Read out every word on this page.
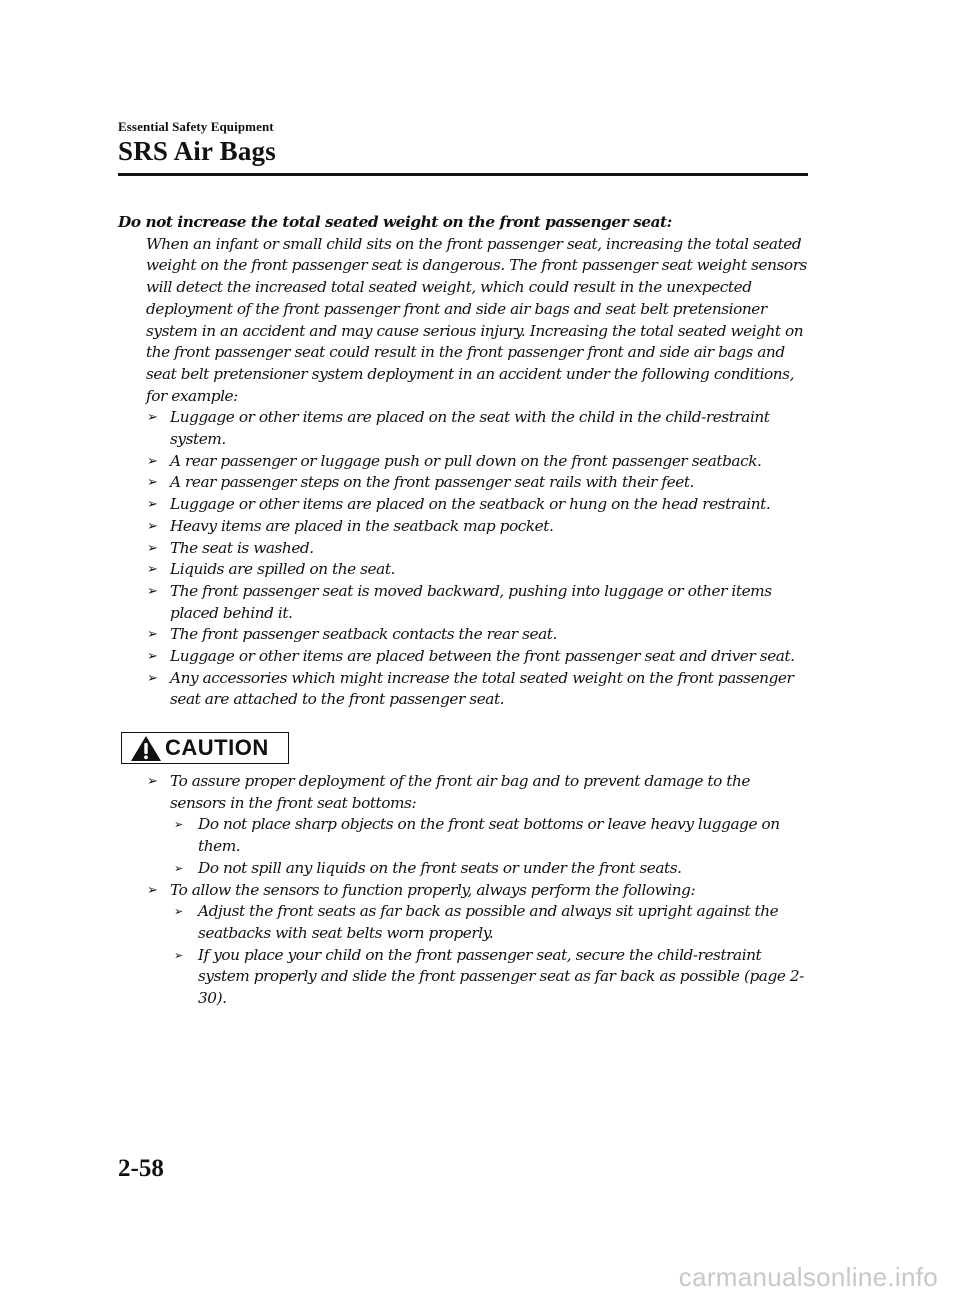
Essential Safety Equipment
SRS Air Bags

Do not increase the total seated weight on the front passenger seat:

When an infant or small child sits on the front passenger seat, increasing the total seated weight on the front passenger seat is dangerous. The front passenger seat weight sensors will detect the increased total seated weight, which could result in the unexpected deployment of the front passenger front and side air bags and seat belt pretensioner system in an accident and may cause serious injury. Increasing the total seated weight on the front passenger seat could result in the front passenger front and side air bags and seat belt pretensioner system deployment in an accident under the following conditions, for example:

➢ Luggage or other items are placed on the seat with the child in the child-restraint system.
➢ A rear passenger or luggage push or pull down on the front passenger seatback.
➢ A rear passenger steps on the front passenger seat rails with their feet.
➢ Luggage or other items are placed on the seatback or hung on the head restraint.
➢ Heavy items are placed in the seatback map pocket.
➢ The seat is washed.
➢ Liquids are spilled on the seat.
➢ The front passenger seat is moved backward, pushing into luggage or other items placed behind it.
➢ The front passenger seatback contacts the rear seat.
➢ Luggage or other items are placed between the front passenger seat and driver seat.
➢ Any accessories which might increase the total seated weight on the front passenger seat are attached to the front passenger seat.
CAUTION
➢ To assure proper deployment of the front air bag and to prevent damage to the sensors in the front seat bottoms:
➢ Do not place sharp objects on the front seat bottoms or leave heavy luggage on them.
➢ Do not spill any liquids on the front seats or under the front seats.
➢ To allow the sensors to function properly, always perform the following:
➢ Adjust the front seats as far back as possible and always sit upright against the seatbacks with seat belts worn properly.
➢ If you place your child on the front passenger seat, secure the child-restraint system properly and slide the front passenger seat as far back as possible (page 2-30).
2-58
carmanualsonline.info
